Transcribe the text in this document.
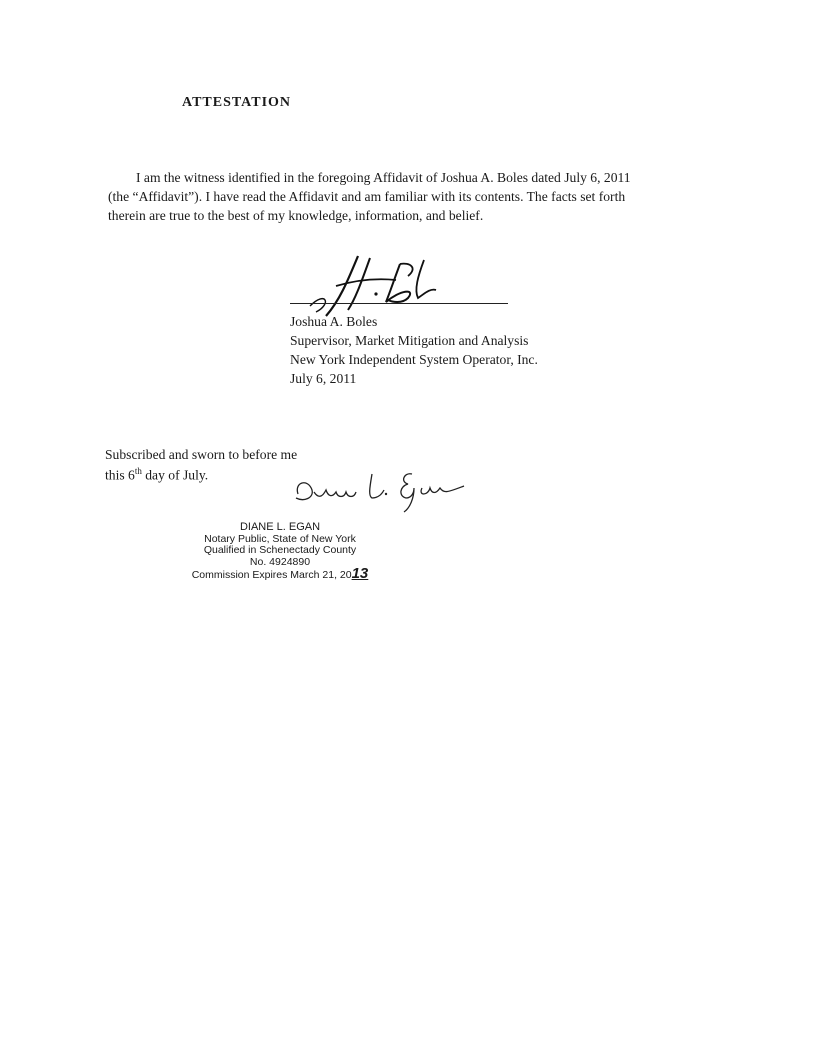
ATTESTATION
I am the witness identified in the foregoing Affidavit of Joshua A. Boles dated July 6, 2011
(the “Affidavit”). I have read the Affidavit and am familiar with its contents. The facts set forth
therein are true to the best of my knowledge, information, and belief.
Joshua A. Boles
Supervisor, Market Mitigation and Analysis
New York Independent System Operator, Inc.
July 6, 2011
Subscribed and sworn to before me
this 6th day of July.
DIANE L. EGAN
Notary Public, State of New York
Qualified in Schenectady County
No. 4924890
Commission Expires March 21, 2013
